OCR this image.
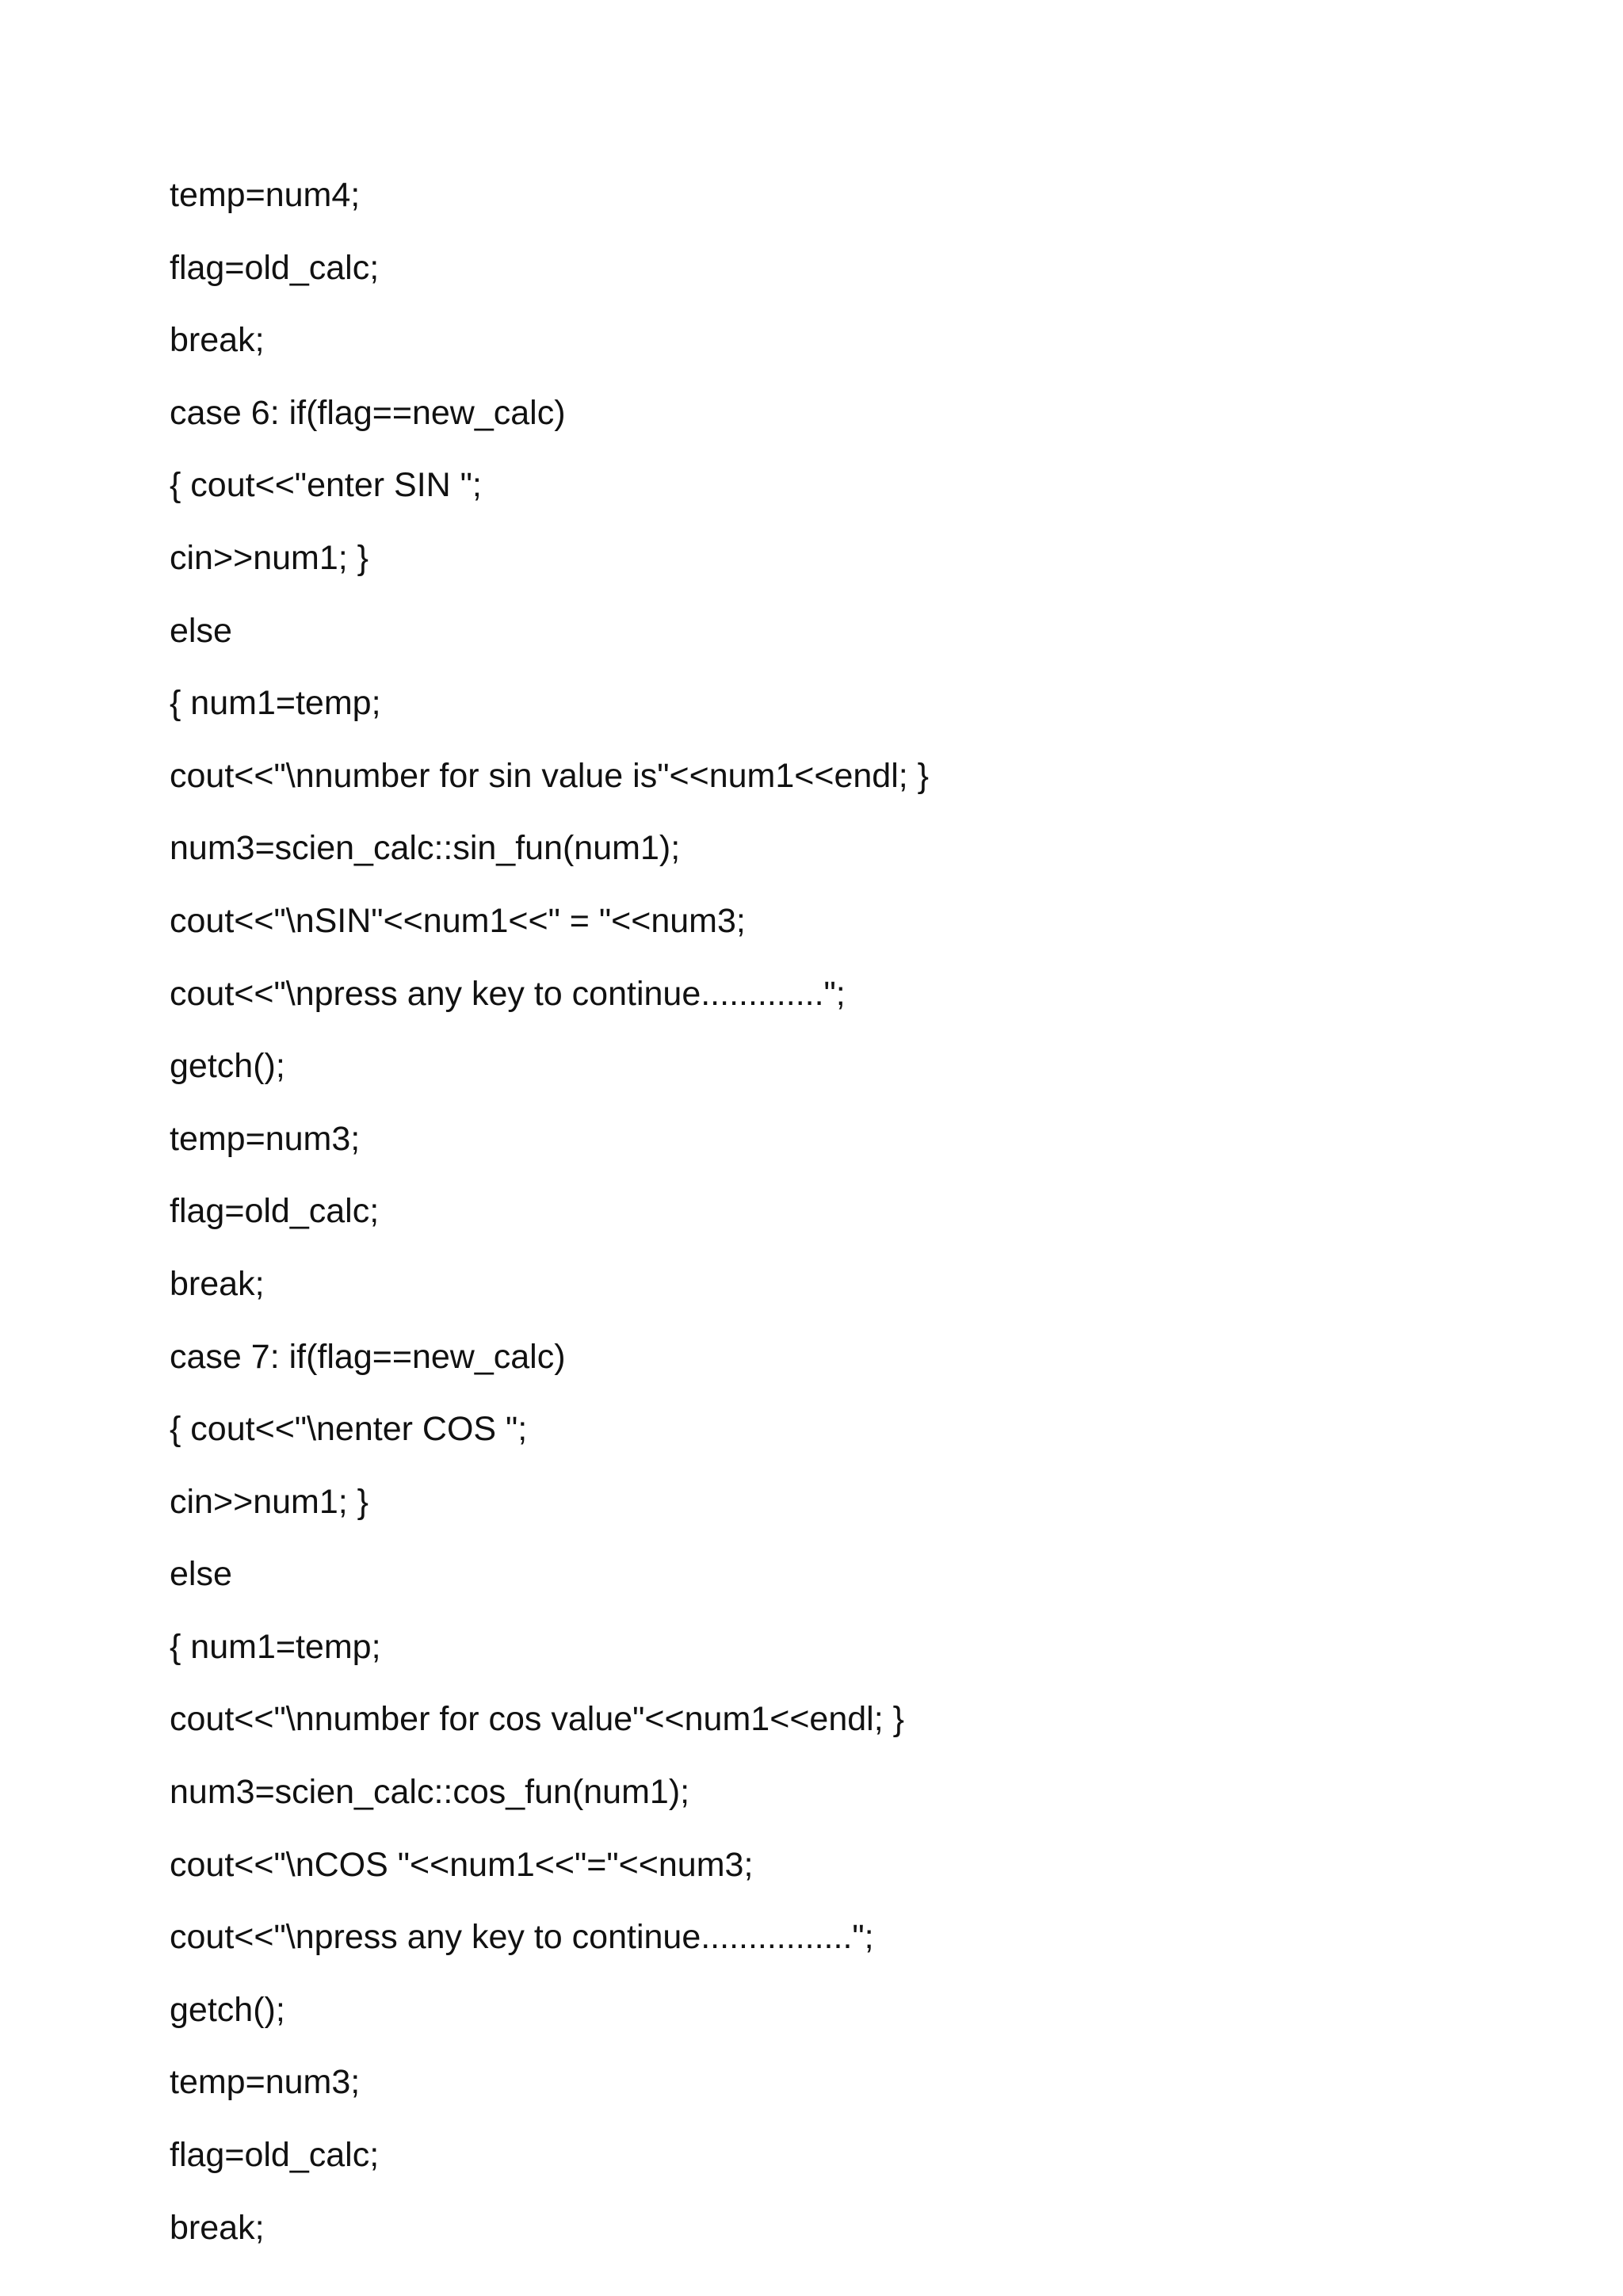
temp=num4;
flag=old_calc;
break;
case 6: if(flag==new_calc)
{ cout<<"enter SIN ";
cin>>num1; }
else
{ num1=temp;
cout<<"\nnumber for sin value is"<<num1<<endl; }
num3=scien_calc::sin_fun(num1);
cout<<"\nSIN"<<num1<<" = "<<num3;
cout<<"\npress any key to continue.............";
getch();
temp=num3;
flag=old_calc;
break;
case 7: if(flag==new_calc)
{ cout<<"\nenter COS ";
cin>>num1; }
else
{ num1=temp;
cout<<"\nnumber for cos value"<<num1<<endl; }
num3=scien_calc::cos_fun(num1);
cout<<"\nCOS "<<num1<<"="<<num3;
cout<<"\npress any key to continue................";
getch();
temp=num3;
flag=old_calc;
break;
